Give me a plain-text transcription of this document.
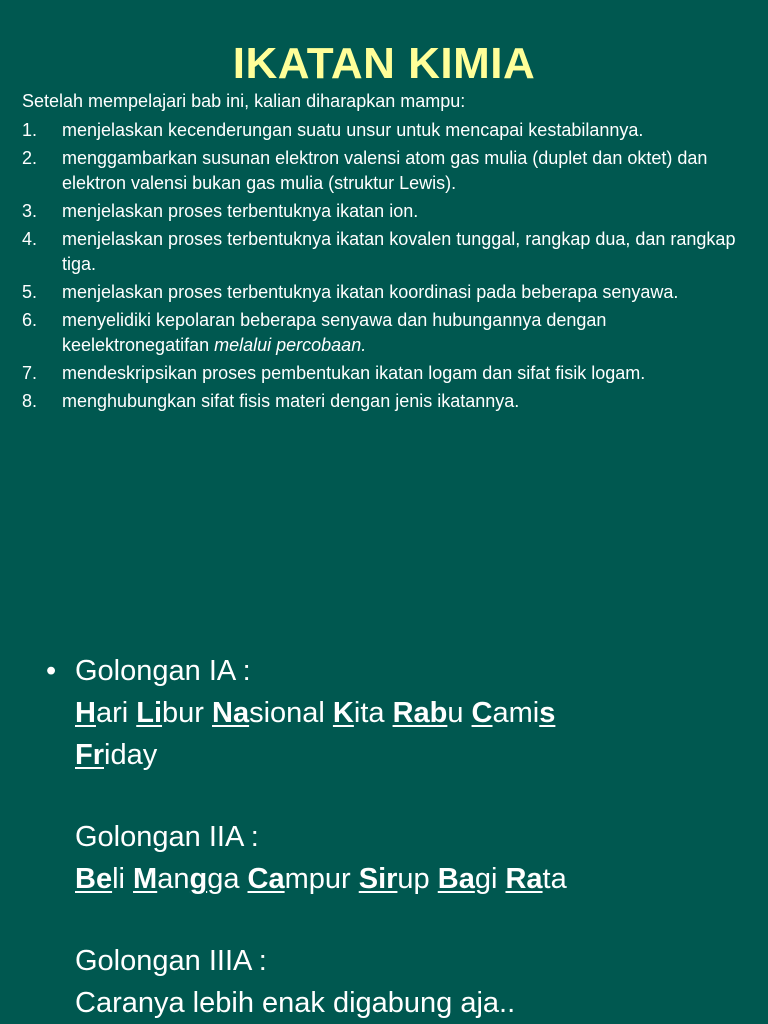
IKATAN KIMIA
Setelah mempelajari bab ini, kalian diharapkan mampu:
1. menjelaskan kecenderungan suatu unsur untuk mencapai kestabilannya.
2. menggambarkan susunan elektron valensi atom gas mulia (duplet dan oktet) dan elektron valensi bukan gas mulia (struktur Lewis).
3. menjelaskan proses terbentuknya ikatan ion.
4. menjelaskan proses terbentuknya ikatan kovalen tunggal, rangkap dua, dan rangkap tiga.
5. menjelaskan proses terbentuknya ikatan koordinasi pada beberapa senyawa.
6. menyelidiki kepolaran beberapa senyawa dan hubungannya dengan keelektronegatifan melalui percobaan.
7. mendeskripsikan proses pembentukan ikatan logam dan sifat fisik logam.
8. menghubungkan sifat fisis materi dengan jenis ikatannya.
• Golongan IA :
Hari Libur Nasional Kita Rabu Camis
Friday
Golongan IIA :
Beli Mangga Campur Sirup Bagi Rata
Golongan IIIA :
Caranya lebih enak digabung aja..
